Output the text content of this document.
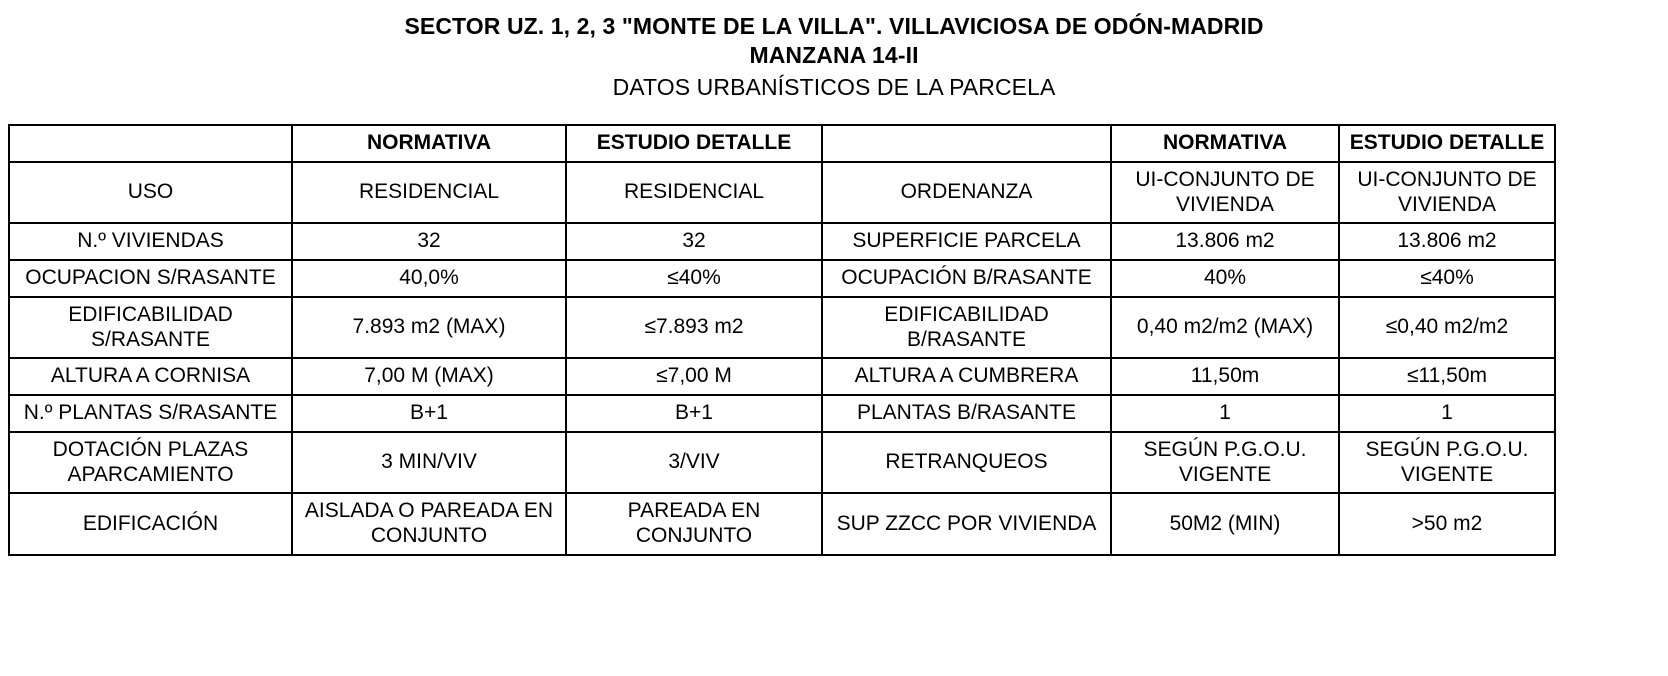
SECTOR UZ. 1, 2, 3 "MONTE DE LA VILLA". VILLAVICIOSA DE ODÓN-MADRID
MANZANA 14-II
DATOS URBANÍSTICOS DE LA PARCELA
	NORMATIVA	ESTUDIO DETALLE		NORMATIVA	ESTUDIO DETALLE
USO	RESIDENCIAL	RESIDENCIAL	ORDENANZA	UI-CONJUNTO DE VIVIENDA	UI-CONJUNTO DE VIVIENDA
N.º VIVIENDAS	32	32	SUPERFICIE PARCELA	13.806 m2	13.806 m2
OCUPACION S/RASANTE	40,0%	≤40%	OCUPACIÓN B/RASANTE	40%	≤40%
EDIFICABILIDAD S/RASANTE	7.893 m2 (MAX)	≤7.893 m2	EDIFICABILIDAD B/RASANTE	0,40 m2/m2 (MAX)	≤0,40 m2/m2
ALTURA A CORNISA	7,00 M (MAX)	≤7,00 M	ALTURA A CUMBRERA	11,50m	≤11,50m
N.º PLANTAS S/RASANTE	B+1	B+1	PLANTAS B/RASANTE	1	1
DOTACIÓN PLAZAS APARCAMIENTO	3 MIN/VIV	3/VIV	RETRANQUEOS	SEGÚN P.G.O.U. VIGENTE	SEGÚN P.G.O.U. VIGENTE
EDIFICACIÓN	AISLADA O PAREADA EN CONJUNTO	PAREADA EN CONJUNTO	SUP ZZCC POR VIVIENDA	50M2 (MIN)	>50 m2
